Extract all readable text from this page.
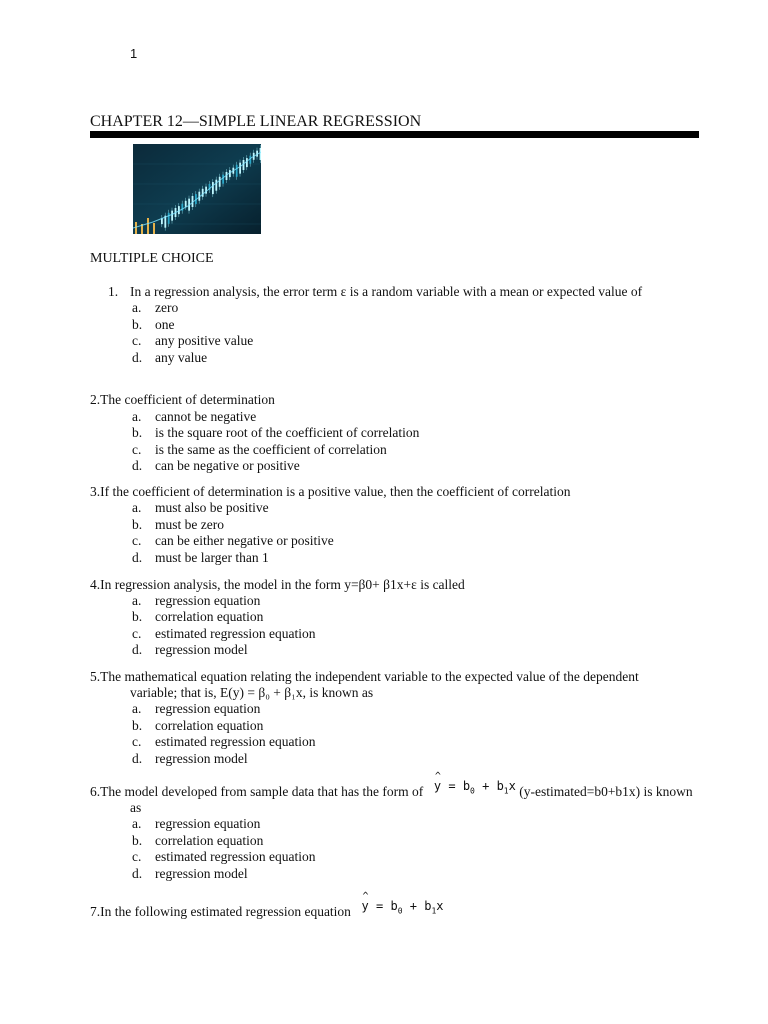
1
CHAPTER 12—SIMPLE LINEAR REGRESSION
MULTIPLE CHOICE
1. In a regression analysis, the error term ε is a random variable with a mean or expected value of
a. zero
b. one
c. any positive value
d. any value
2.The coefficient of determination
a. cannot be negative
b. is the square root of the coefficient of correlation
c. is the same as the coefficient of correlation
d. can be negative or positive
3.If the coefficient of determination is a positive value, then the coefficient of correlation
a. must also be positive
b. must be zero
c. can be either negative or positive
d. must be larger than 1
4.In regression analysis, the model in the form y=β0+ β1x+ε is called
a. regression equation
b. correlation equation
c. estimated regression equation
d. regression model
5.The mathematical equation relating the independent variable to the expected value of the dependent
variable; that is, E(y) = β₀ + β₁x, is known as
a. regression equation
b. correlation equation
c. estimated regression equation
d. regression model
6.The model developed from sample data that has the form of ^ $y = b_0 + b_1x$ (y-estimated=b0+b1x) is known
as
a. regression equation
b. correlation equation
c. estimated regression equation
d. regression model
7.In the following estimated regression equation ^ $y = b_0 + b_1x$
